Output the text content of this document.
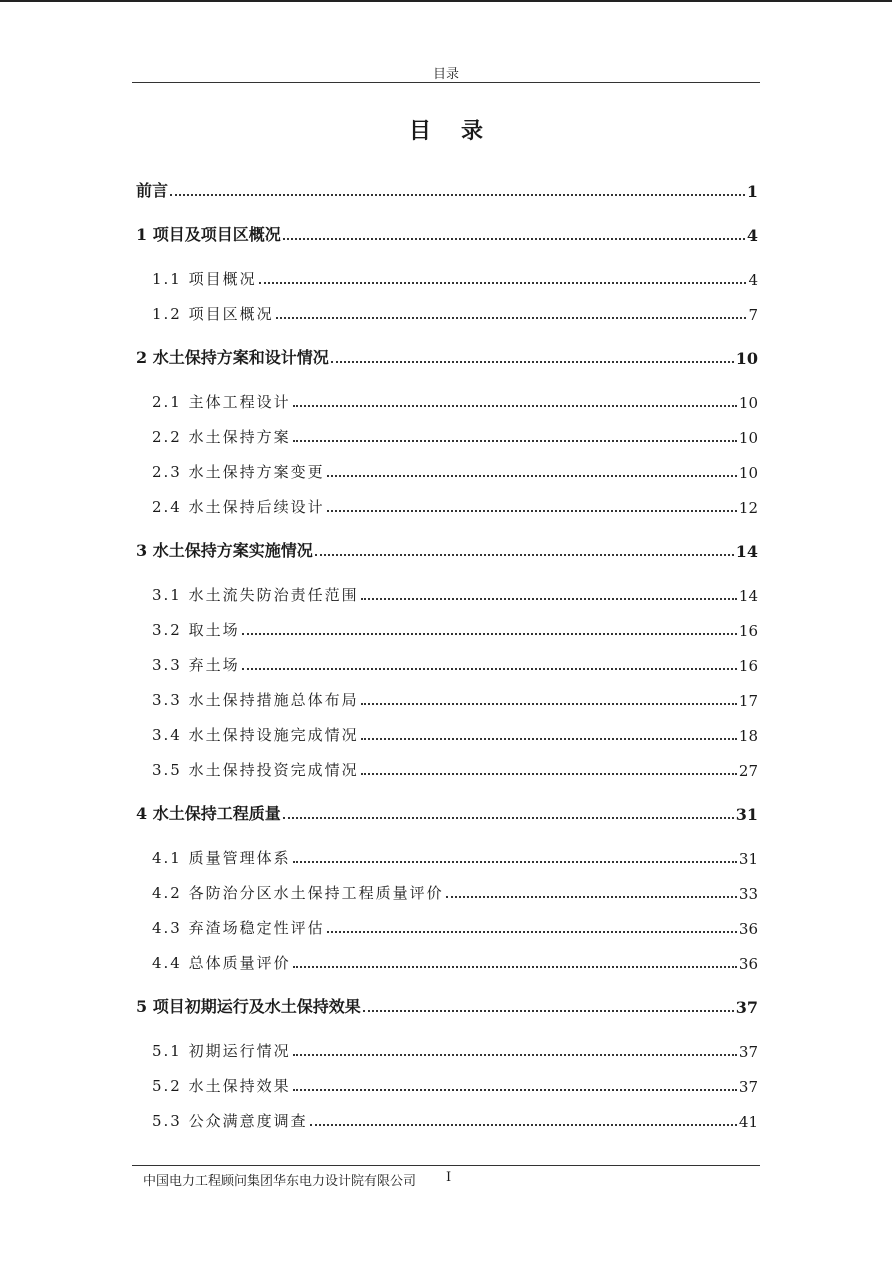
目录
目录
前言	1
1 项目及项目区概况	4
1.1 项目概况	4
1.2 项目区概况	7
2 水土保持方案和设计情况	10
2.1 主体工程设计	10
2.2 水土保持方案	10
2.3 水土保持方案变更	10
2.4 水土保持后续设计	12
3 水土保持方案实施情况	14
3.1 水土流失防治责任范围	14
3.2 取土场	16
3.3 弃土场	16
3.3 水土保持措施总体布局	17
3.4 水土保持设施完成情况	18
3.5 水土保持投资完成情况	27
4 水土保持工程质量	31
4.1 质量管理体系	31
4.2 各防治分区水土保持工程质量评价	33
4.3 弃渣场稳定性评估	36
4.4 总体质量评价	36
5 项目初期运行及水土保持效果	37
5.1 初期运行情况	37
5.2 水土保持效果	37
5.3 公众满意度调查	41
中国电力工程顾问集团华东电力设计院有限公司 I
